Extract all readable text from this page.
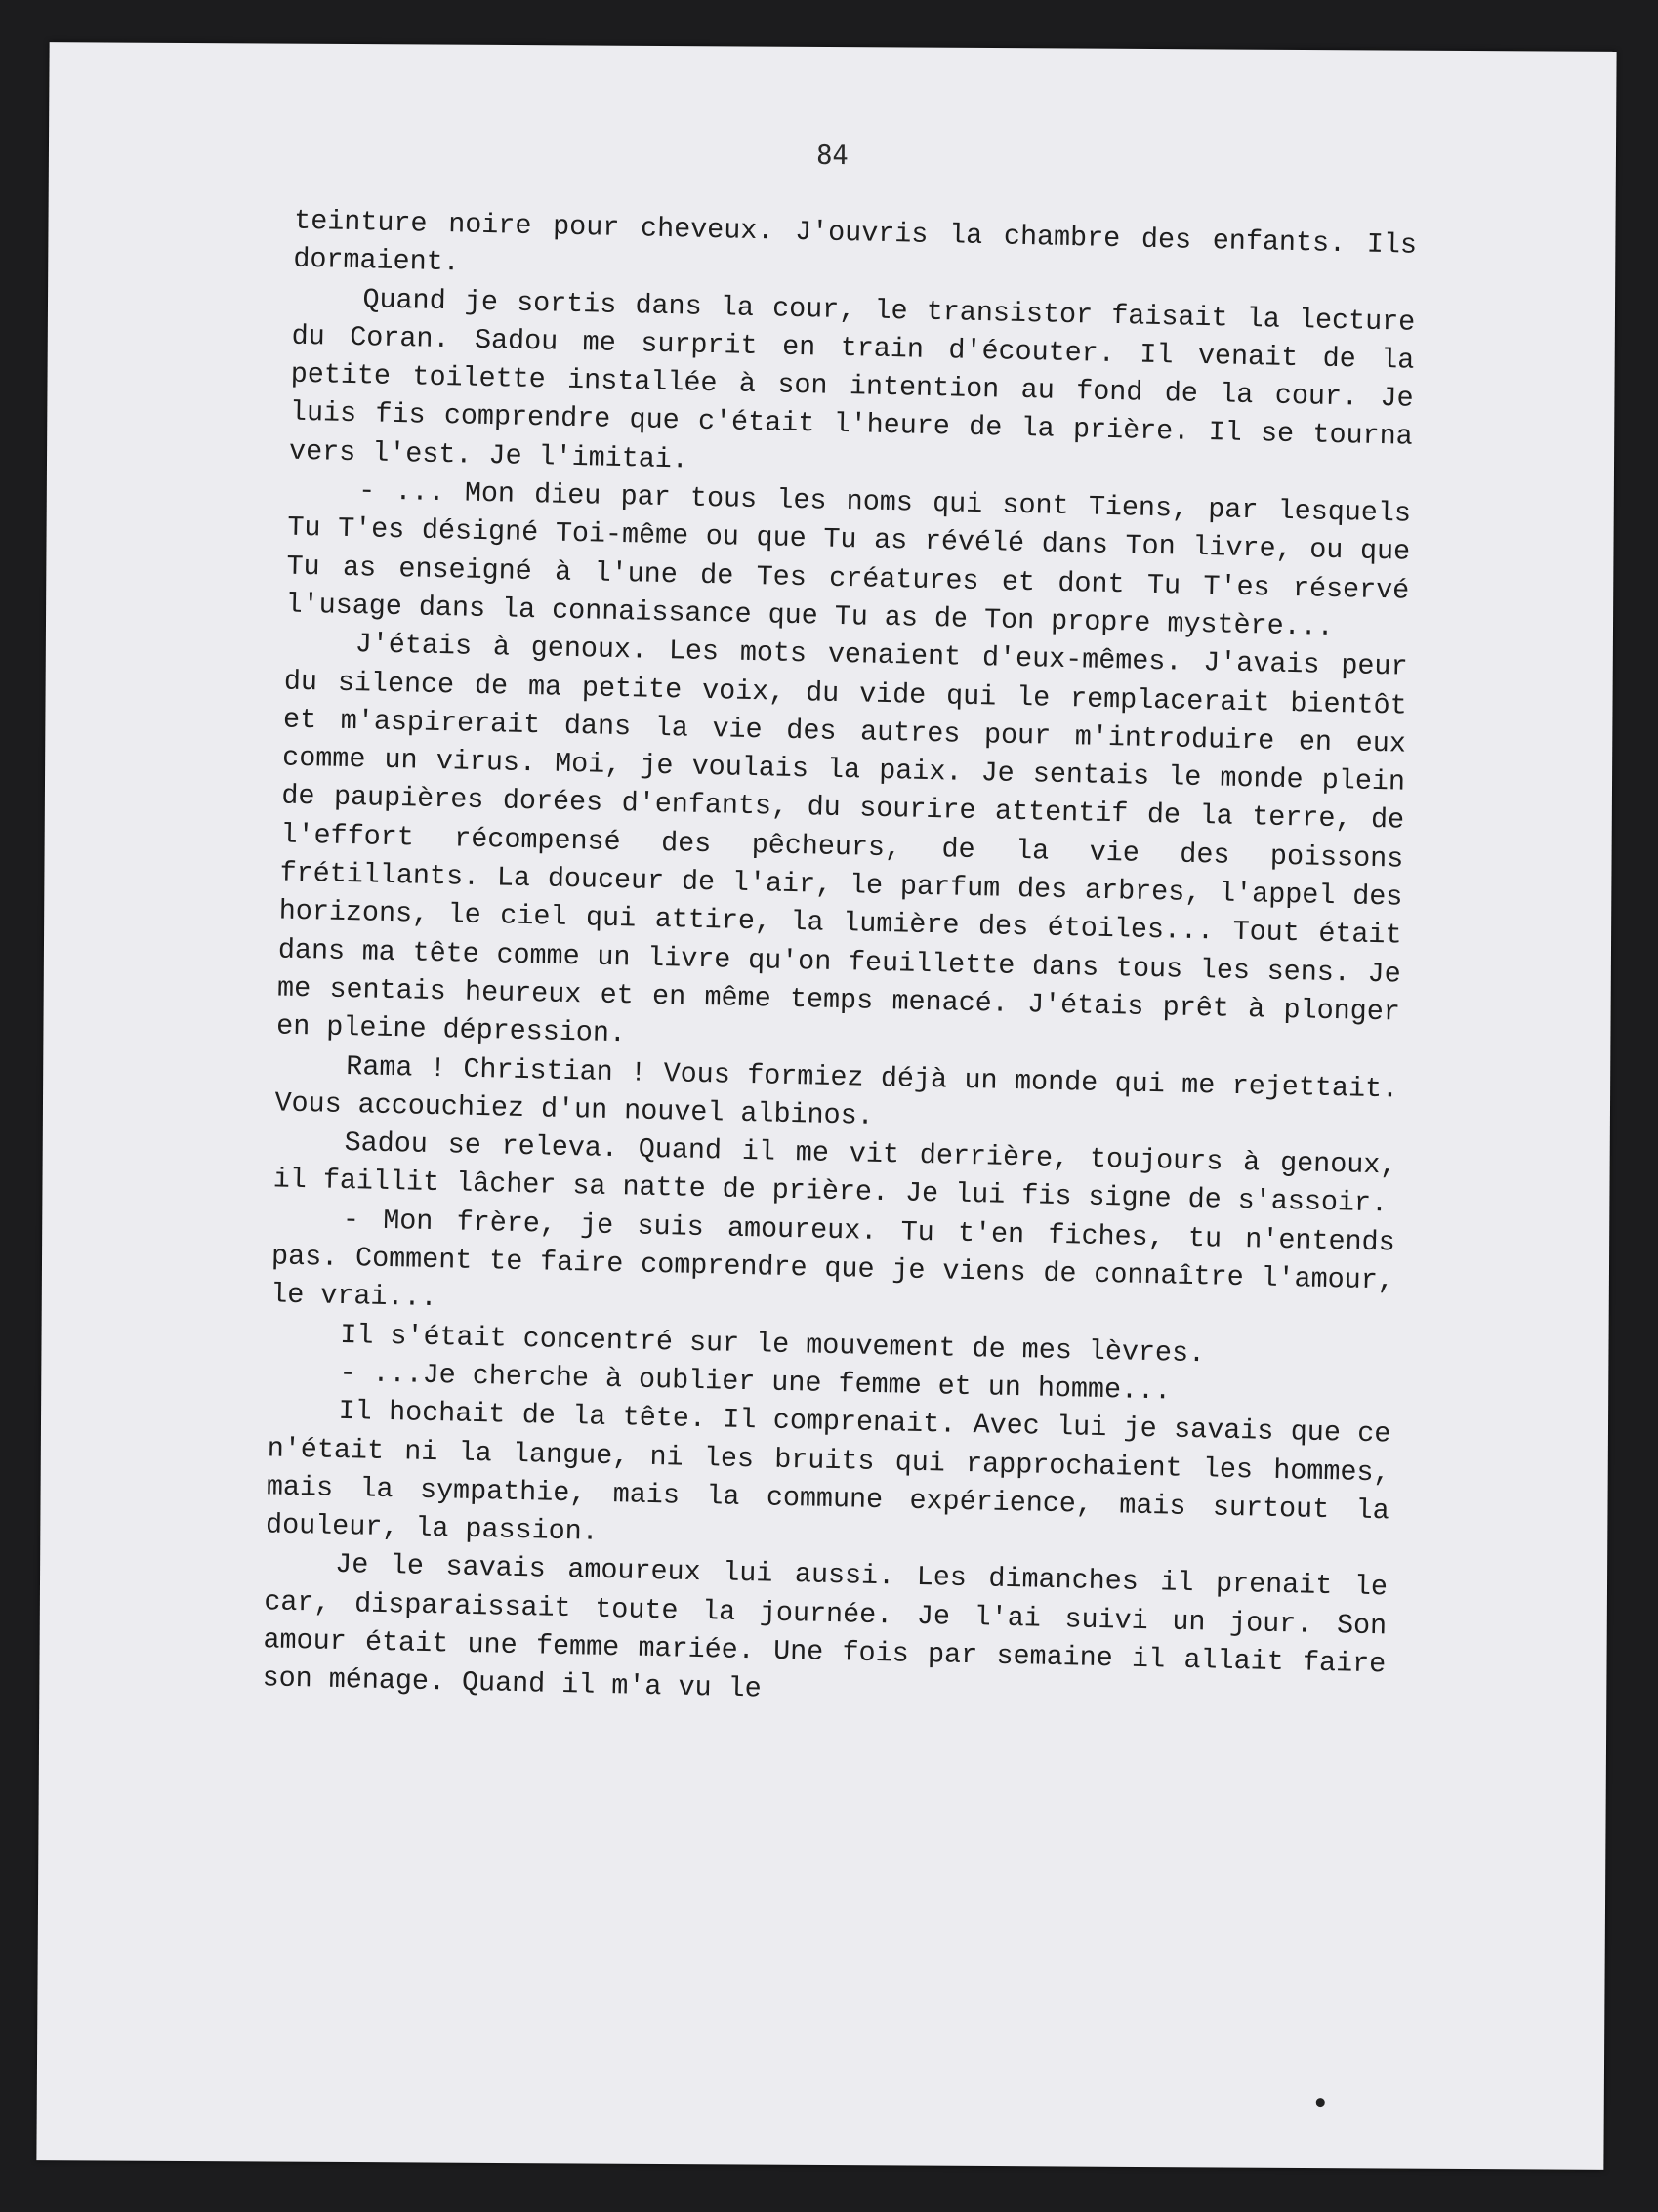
84

teinture noire pour cheveux. J'ouvris la chambre des enfants. Ils dormaient.

Quand je sortis dans la cour, le transistor faisait la lecture du Coran. Sadou me surprit en train d'écouter. Il venait de la petite toilette installée à son intention au fond de la cour. Je luis fis comprendre que c'était l'heure de la prière. Il se tourna vers l'est. Je l'imitai.

- ... Mon dieu par tous les noms qui sont Tiens, par lesquels Tu T'es désigné Toi-même ou que Tu as révélé dans Ton livre, ou que Tu as enseigné à l'une de Tes créatures et dont Tu T'es réservé l'usage dans la connaissance que Tu as de Ton propre mystère...

J'étais à genoux. Les mots venaient d'eux-mêmes. J'avais peur du silence de ma petite voix, du vide qui le remplacerait bientôt et m'aspirerait dans la vie des autres pour m'introduire en eux comme un virus. Moi, je voulais la paix. Je sentais le monde plein de paupières dorées d'enfants, du sourire attentif de la terre, de l'effort récompensé des pêcheurs, de la vie des poissons frétillants. La douceur de l'air, le parfum des arbres, l'appel des horizons, le ciel qui attire, la lumière des étoiles... Tout était dans ma tête comme un livre qu'on feuillette dans tous les sens. Je me sentais heureux et en même temps menacé. J'étais prêt à plonger en pleine dépression.

Rama ! Christian ! Vous formiez déjà un monde qui me rejettait. Vous accouchiez d'un nouvel albinos.

Sadou se releva. Quand il me vit derrière, toujours à genoux, il faillit lâcher sa natte de prière. Je lui fis signe de s'assoir.

- Mon frère, je suis amoureux. Tu t'en fiches, tu n'entends pas. Comment te faire comprendre que je viens de connaître l'amour, le vrai...

Il s'était concentré sur le mouvement de mes lèvres.

- ...Je cherche à oublier une femme et un homme...

Il hochait de la tête. Il comprenait. Avec lui je savais que ce n'était ni la langue, ni les bruits qui rapprochaient les hommes, mais la sympathie, mais la commune expérience, mais surtout la douleur, la passion.

Je le savais amoureux lui aussi. Les dimanches il prenait le car, disparaissait toute la journée. Je l'ai suivi un jour. Son amour était une femme mariée. Une fois par semaine il allait faire son ménage. Quand il m'a vu le
